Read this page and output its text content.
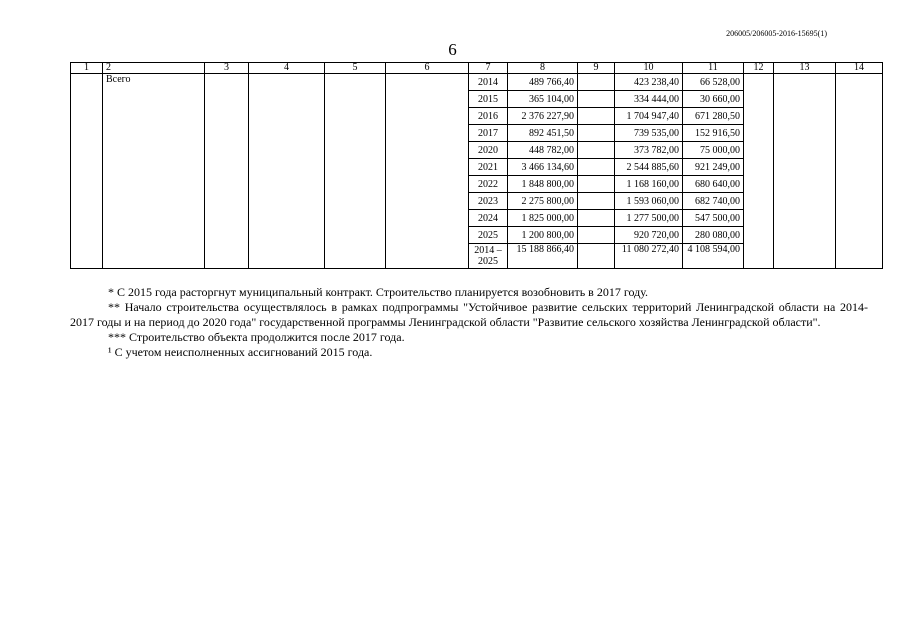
206005/206005-2016-15695(1)
6
1	2	3	4	5	6	7	8	9	10	11	12	13	14
	Всего					2014	489 766,40		423 238,40	66 528,00			
						2015	365 104,00		334 444,00	30 660,00			
						2016	2 376 227,90		1 704 947,40	671 280,50			
						2017	892 451,50		739 535,00	152 916,50			
						2020	448 782,00		373 782,00	75 000,00			
						2021	3 466 134,60		2 544 885,60	921 249,00			
						2022	1 848 800,00		1 168 160,00	680 640,00			
						2023	2 275 800,00		1 593 060,00	682 740,00			
						2024	1 825 000,00		1 277 500,00	547 500,00			
						2025	1 200 800,00		920 720,00	280 080,00			
						2014 –
2025	15 188 866,40		11 080 272,40	4 108 594,00			

* С 2015 года расторгнут муниципальный контракт. Строительство планируется возобновить в 2017 году.

** Начало строительства осуществлялось в рамках подпрограммы "Устойчивое развитие сельских территорий Ленинградской области на 2014-2017 годы и на период до 2020 года" государственной программы Ленинградской области "Развитие сельского хозяйства Ленинградской области".

*** Строительство объекта продолжится после 2017 года.

¹ С учетом неисполненных ассигнований 2015 года.
